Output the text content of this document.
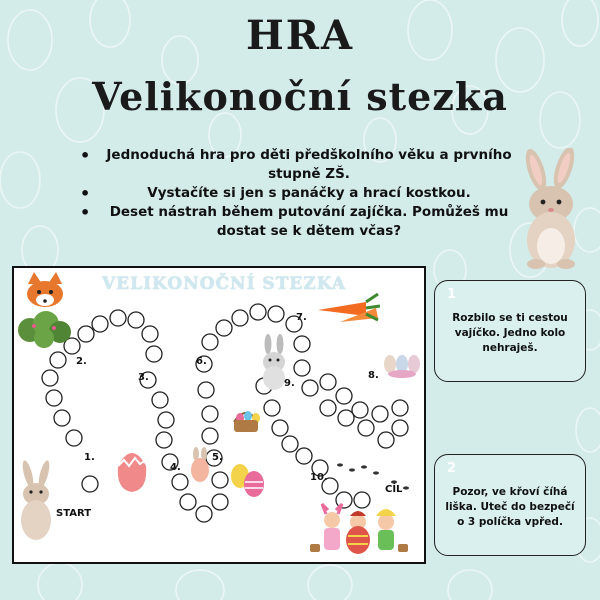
HRA
Velikonoční stezka
• Jednoduchá hra pro děti předškolního věku a prvního stupně ZŠ.
• Vystačíte si jen s panáčky a hrací kostkou.
• Deset nástrah během putování zajíčka. Pomůžeš mu dostat se k dětem včas?
VELIKONOČNÍ STEZKA
1.
2.
3.
4.
5.
6.
7.
8.
9.
10.
START
CÍL
1
Rozbilo se ti cestou vajíčko. Jedno kolo nehraješ.
2
Pozor, ve křoví číhá liška. Uteč do bezpečí o 3 políčka vpřed.
